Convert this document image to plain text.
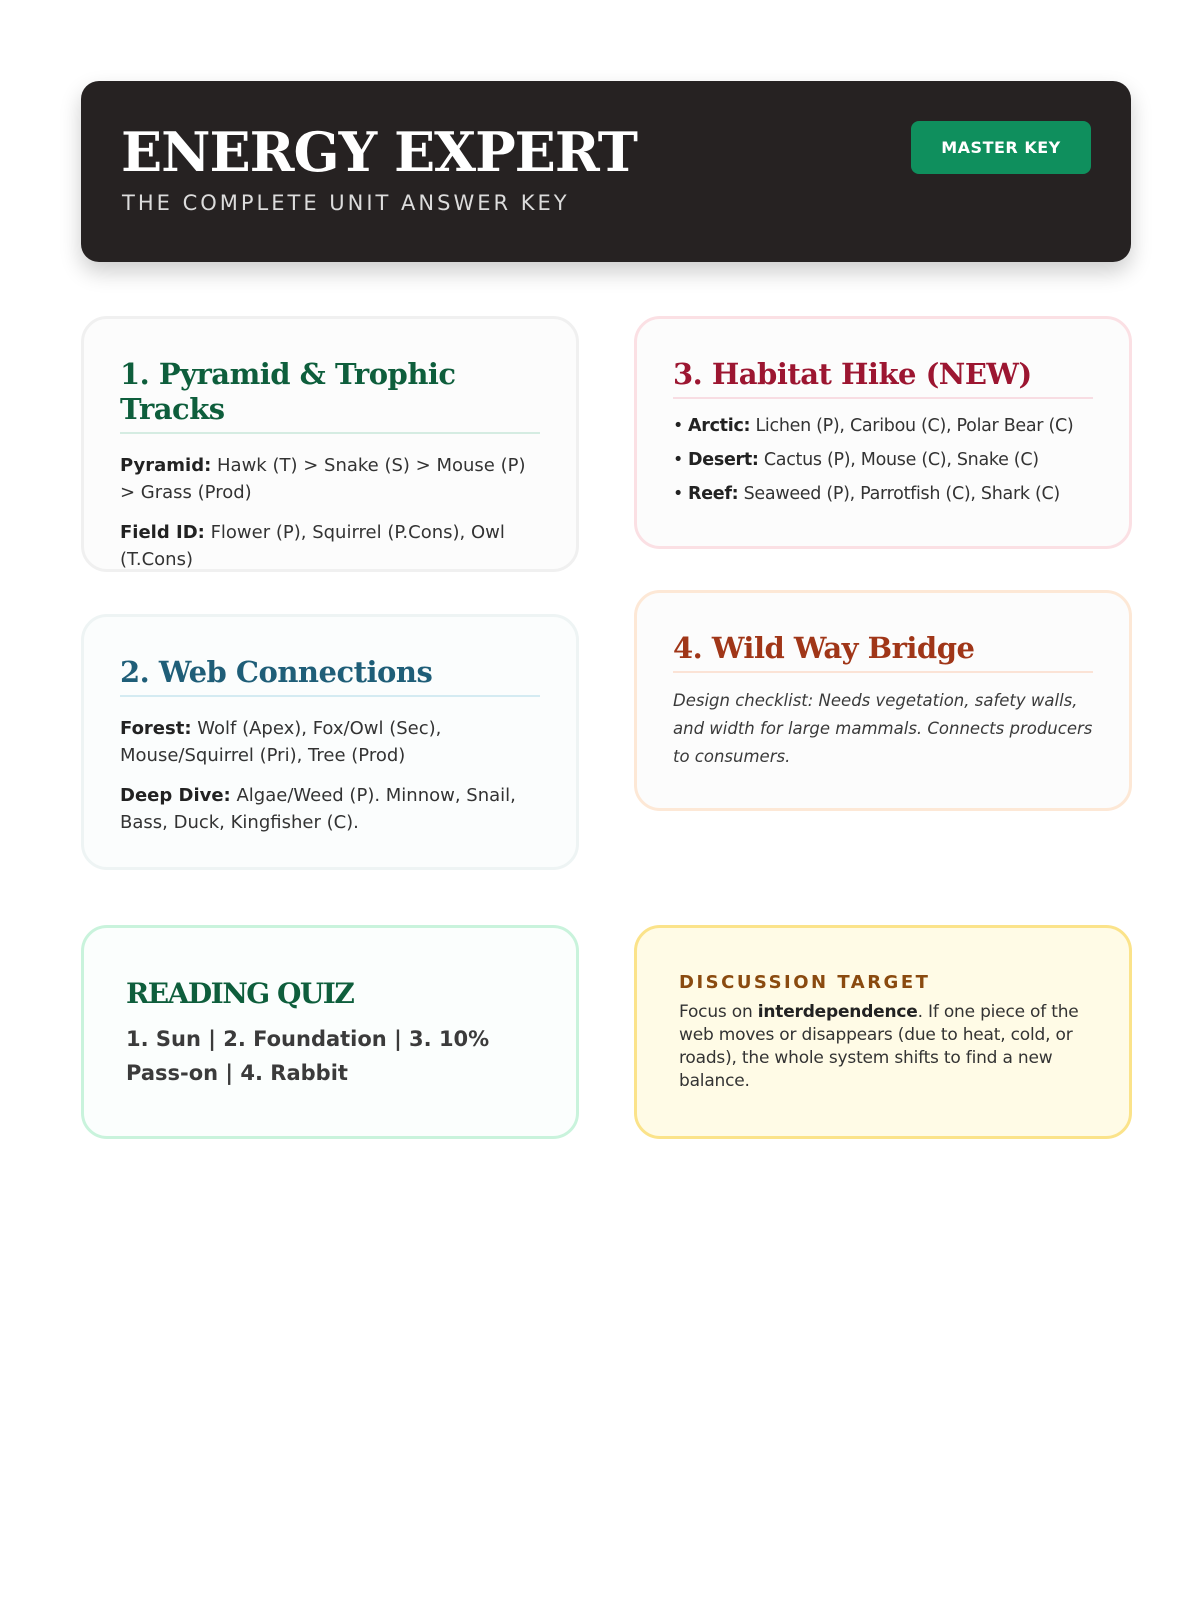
ENERGY EXPERT
THE COMPLETE UNIT ANSWER KEY
MASTER KEY
1. Pyramid & Trophic Tracks

Pyramid: Hawk (T) > Snake (S) > Mouse (P) > Grass (Prod)

Field ID: Flower (P), Squirrel (P.Cons), Owl (T.Cons)

2. Web Connections

Forest: Wolf (Apex), Fox/Owl (Sec), Mouse/Squirrel (Pri), Tree (Prod)

Deep Dive: Algae/Weed (P). Minnow, Snail, Bass, Duck, Kingfisher (C).

3. Habitat Hike (NEW)
• Arctic: Lichen (P), Caribou (C), Polar Bear (C)
• Desert: Cactus (P), Mouse (C), Snake (C)
• Reef: Seaweed (P), Parrotfish (C), Shark (C)
4. Wild Way Bridge

Design checklist: Needs vegetation, safety walls, and width for large mammals. Connects producers to consumers.

READING QUIZ
1. Sun | 2. Foundation | 3. 10% Pass-on | 4. Rabbit
DISCUSSION TARGET
Focus on interdependence. If one piece of the web moves or disappears (due to heat, cold, or roads), the whole system shifts to find a new balance.
